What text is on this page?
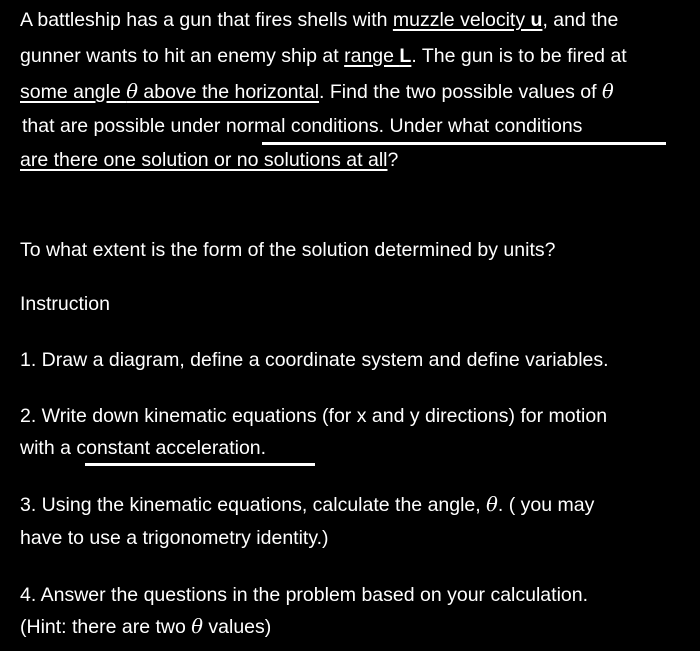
A battleship has a gun that fires shells with muzzle velocity u, and the
gunner wants to hit an enemy ship at range L. The gun is to be fired at
some angle θ above the horizontal. Find the two possible values of θ
that are possible under normal conditions. Under what conditions
are there one solution or no solutions at all?
To what extent is the form of the solution determined by units?
Instruction
1. Draw a diagram, define a coordinate system and define variables.
2. Write down kinematic equations (for x and y directions) for motion
with a constant acceleration.
3. Using the kinematic equations, calculate the angle, θ. ( you may
have to use a trigonometry identity.)
4. Answer the questions in the problem based on your calculation.
(Hint: there are two θ values)
